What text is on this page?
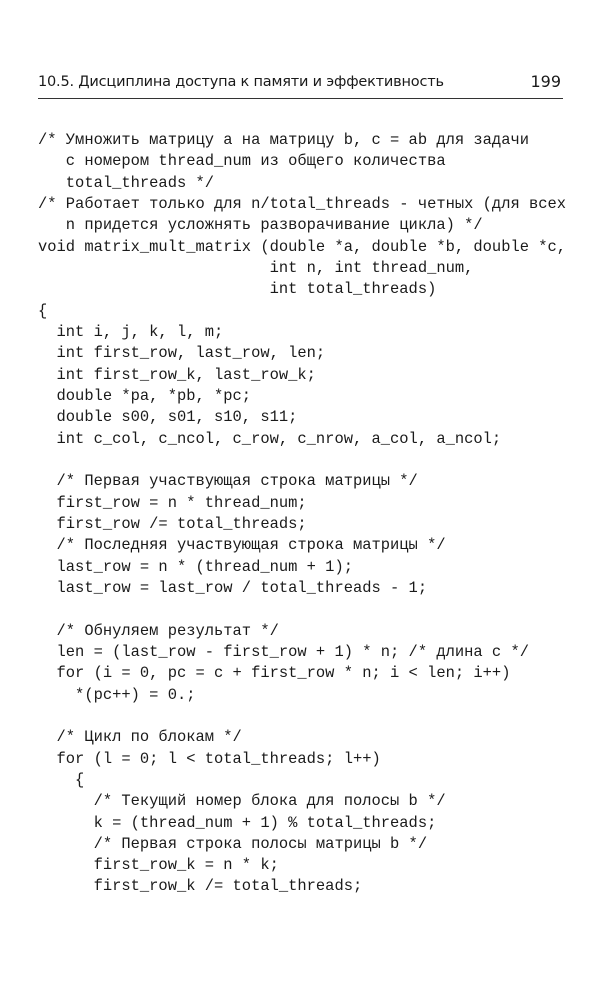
10.5. Дисциплина доступа к памяти и эффективность	199
/* Умножить матрицу a на матрицу b, c = ab для задачи
с номером thread_num из общего количества
total_threads */
/* Работает только для n/total_threads - четных (для всех
n придется усложнять разворачивание цикла) */
void matrix_mult_matrix (double *a, double *b, double *c,
int n, int thread_num,
int total_threads)
{
int i, j, k, l, m;
int first_row, last_row, len;
int first_row_k, last_row_k;
double *pa, *pb, *pc;
double s00, s01, s10, s11;
int c_col, c_ncol, c_row, c_nrow, a_col, a_ncol;
/* Первая участвующая строка матрицы */
first_row = n * thread_num;
first_row /= total_threads;
/* Последняя участвующая строка матрицы */
last_row = n * (thread_num + 1);
last_row = last_row / total_threads - 1;
/* Обнуляем результат */
len = (last_row - first_row + 1) * n; /* длина c */
for (i = 0, pc = c + first_row * n; i < len; i++)
*(pc++) = 0.;
/* Цикл по блокам */
for (l = 0; l < total_threads; l++)
{
/* Текущий номер блока для полосы b */
k = (thread_num + 1) % total_threads;
/* Первая строка полосы матрицы b */
first_row_k = n * k;
first_row_k /= total_threads;
